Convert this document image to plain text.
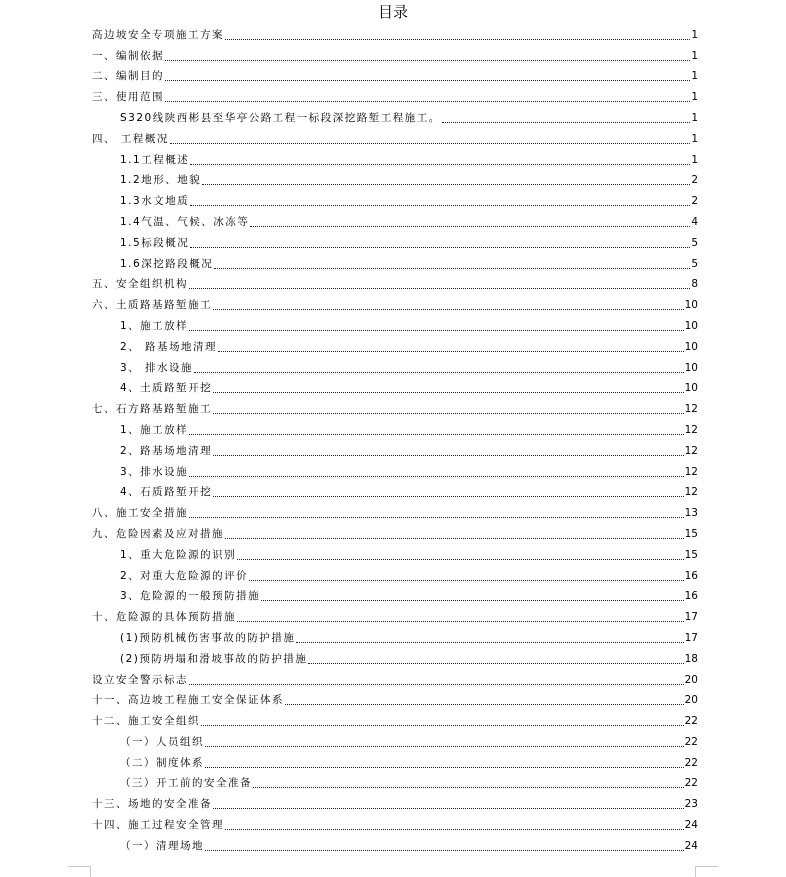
目录
高边坡安全专项施工方案	1
一、编制依据	1
二、编制目的	1
三、使用范围	1
S320线陕西彬县至华亭公路工程一标段深挖路堑工程施工。	1
四、 工程概况	1
1.1工程概述	1
1.2地形、地貌	2
1.3水文地质	2
1.4气温、气候、冰冻等	4
1.5标段概况	5
1.6深挖路段概况	5
五、安全组织机构	8
六、土质路基路堑施工	10
1、施工放样	10
2、 路基场地清理	10
3、 排水设施	10
4、土质路堑开挖	10
七、石方路基路堑施工	12
1、施工放样	12
2、路基场地清理	12
3、排水设施	12
4、石质路堑开挖	12
八、施工安全措施	13
九、危险因素及应对措施	15
1、重大危险源的识别	15
2、对重大危险源的评价	16
3、危险源的一般预防措施	16
十、危险源的具体预防措施	17
(1)预防机械伤害事故的防护措施	17
(2)预防坍塌和滑坡事故的防护措施	18
设立安全警示标志	20
十一、高边坡工程施工安全保证体系	20
十二、施工安全组织	22
（一）人员组织	22
（二）制度体系	22
（三）开工前的安全准备	22
十三、场地的安全准备	23
十四、施工过程安全管理	24
（一）清理场地	24
